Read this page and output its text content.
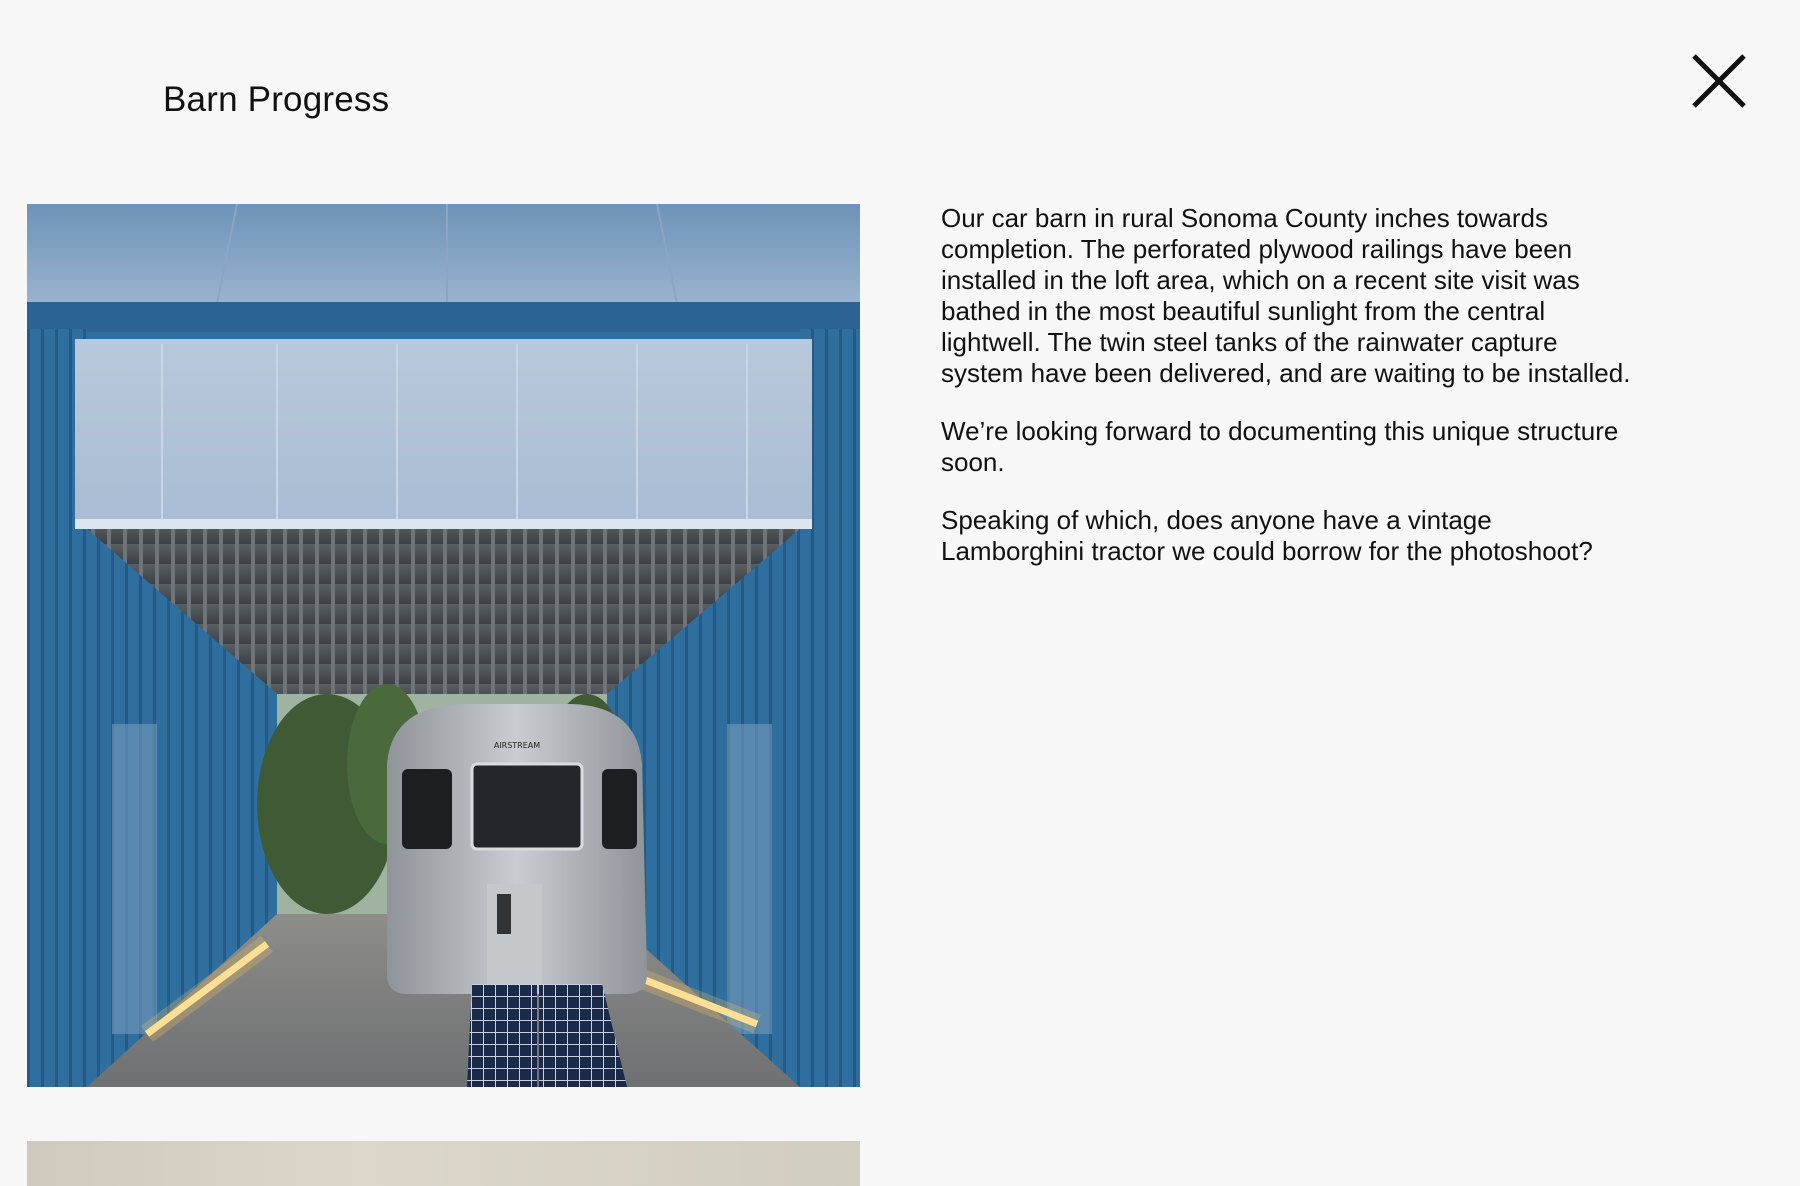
Barn Progress
AIRSTREAM

Our car barn in rural Sonoma County inches towards completion. The perforated plywood railings have been installed in the loft area, which on a recent site visit was bathed in the most beautiful sunlight from the central lightwell. The twin steel tanks of the rainwater capture system have been delivered, and are waiting to be installed.

We’re looking forward to documenting this unique structure soon.

Speaking of which, does anyone have a vintage Lamborghini tractor we could borrow for the photoshoot?
